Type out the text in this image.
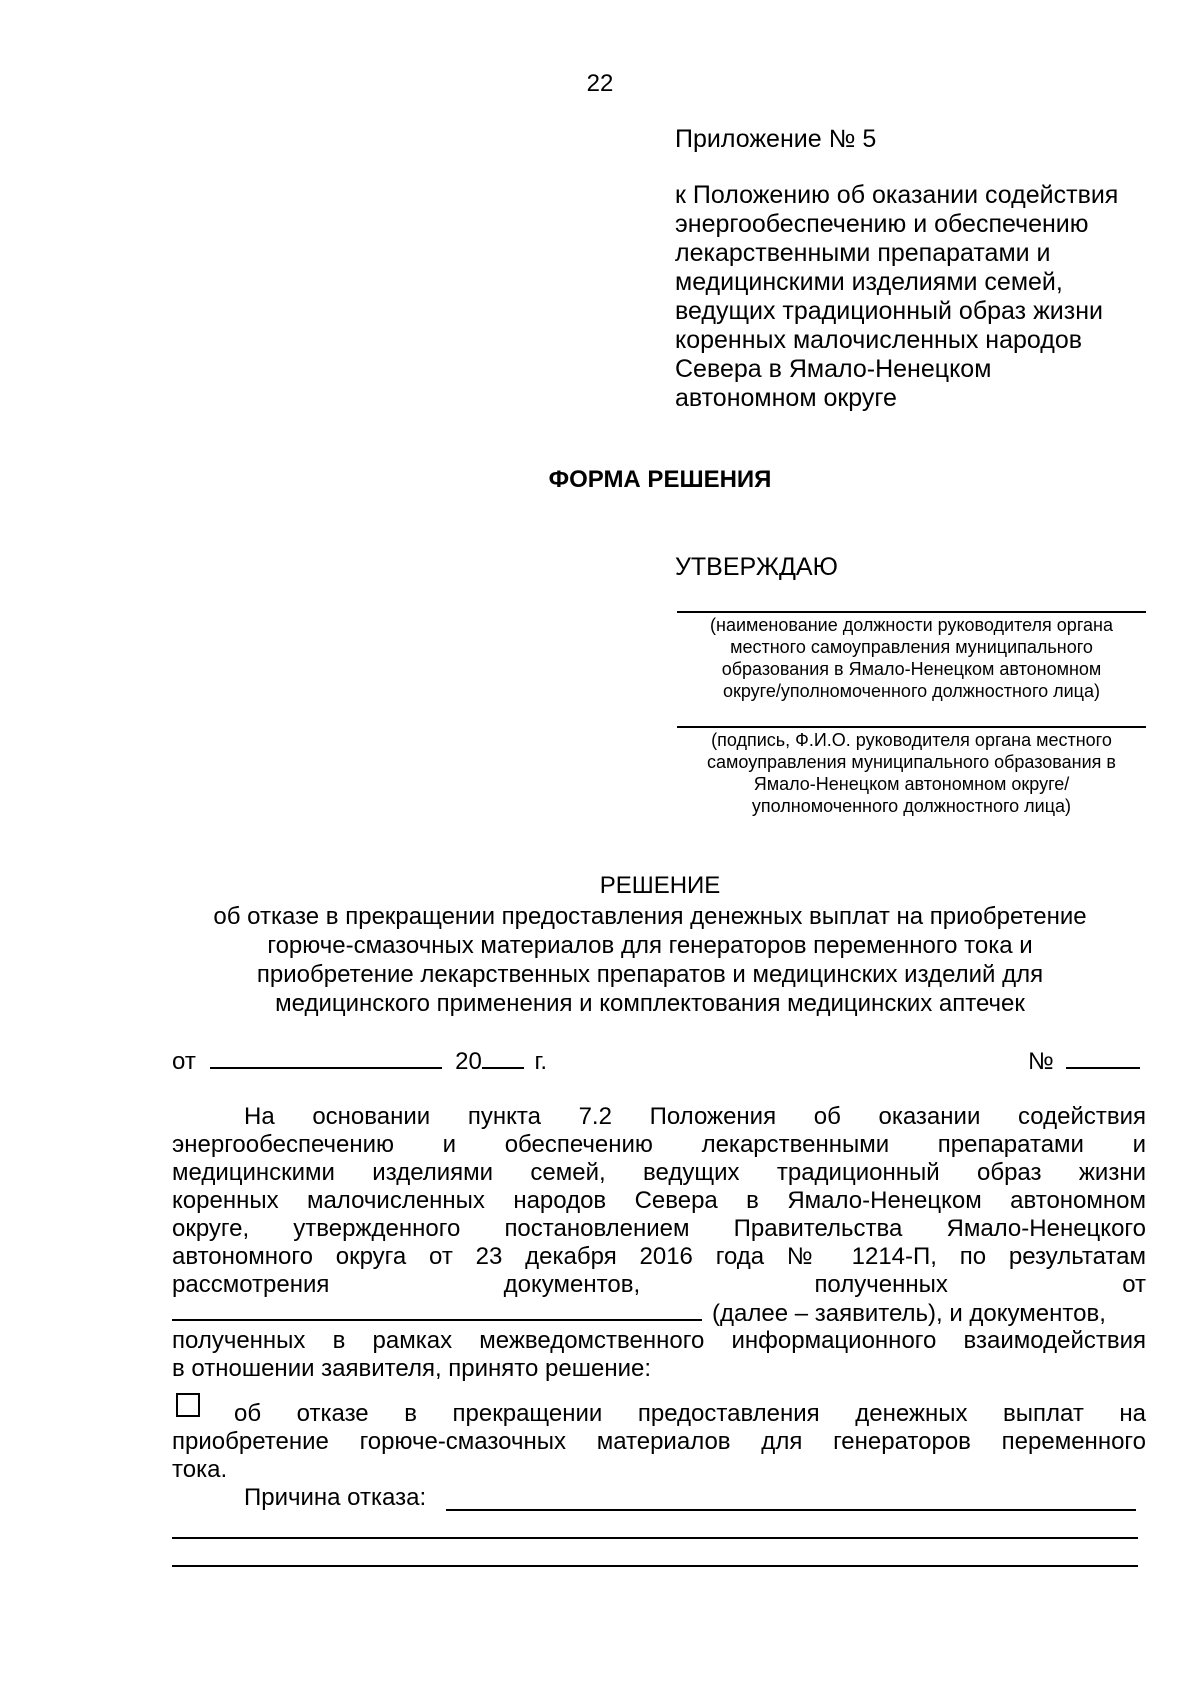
22
Приложение № 5
к Положению об оказании содействия
энергообеспечению и обеспечению
лекарственными препаратами и
медицинскими изделиями семей,
ведущих традиционный образ жизни
коренных малочисленных народов
Севера в Ямало-Ненецком
автономном округе
ФОРМА РЕШЕНИЯ
УТВЕРЖДАЮ
(наименование должности руководителя органа
местного самоуправления муниципального
образования в Ямало-Ненецком автономном
округе/уполномоченного должностного лица)
(подпись, Ф.И.О. руководителя органа местного
самоуправления муниципального образования в
Ямало-Ненецком автономном округе/
уполномоченного должностного лица)
РЕШЕНИЕ
об отказе в прекращении предоставления денежных выплат на приобретение
горюче-смазочных материалов для генераторов переменного тока и
приобретение лекарственных препаратов и медицинских изделий для
медицинского применения и комплектования медицинских аптечек
от	20 г.	№
На основании пункта 7.2 Положения об оказании содействия
энергообеспечению и обеспечению лекарственными препаратами и
медицинскими изделиями семей, ведущих традиционный образ жизни
коренных малочисленных народов Севера в Ямало-Ненецком автономном
округе, утвержденного постановлением Правительства Ямало-Ненецкого
автономного округа от 23 декабря 2016 года № 1214-П, по результатам
рассмотрения документов, полученных от
(далее – заявитель), и документов,
полученных в рамках межведомственного информационного взаимодействия
в отношении заявителя, принято решение:
об отказе в прекращении предоставления денежных выплат на
приобретение горюче-смазочных материалов для генераторов переменного
тока.
Причина отказа:
